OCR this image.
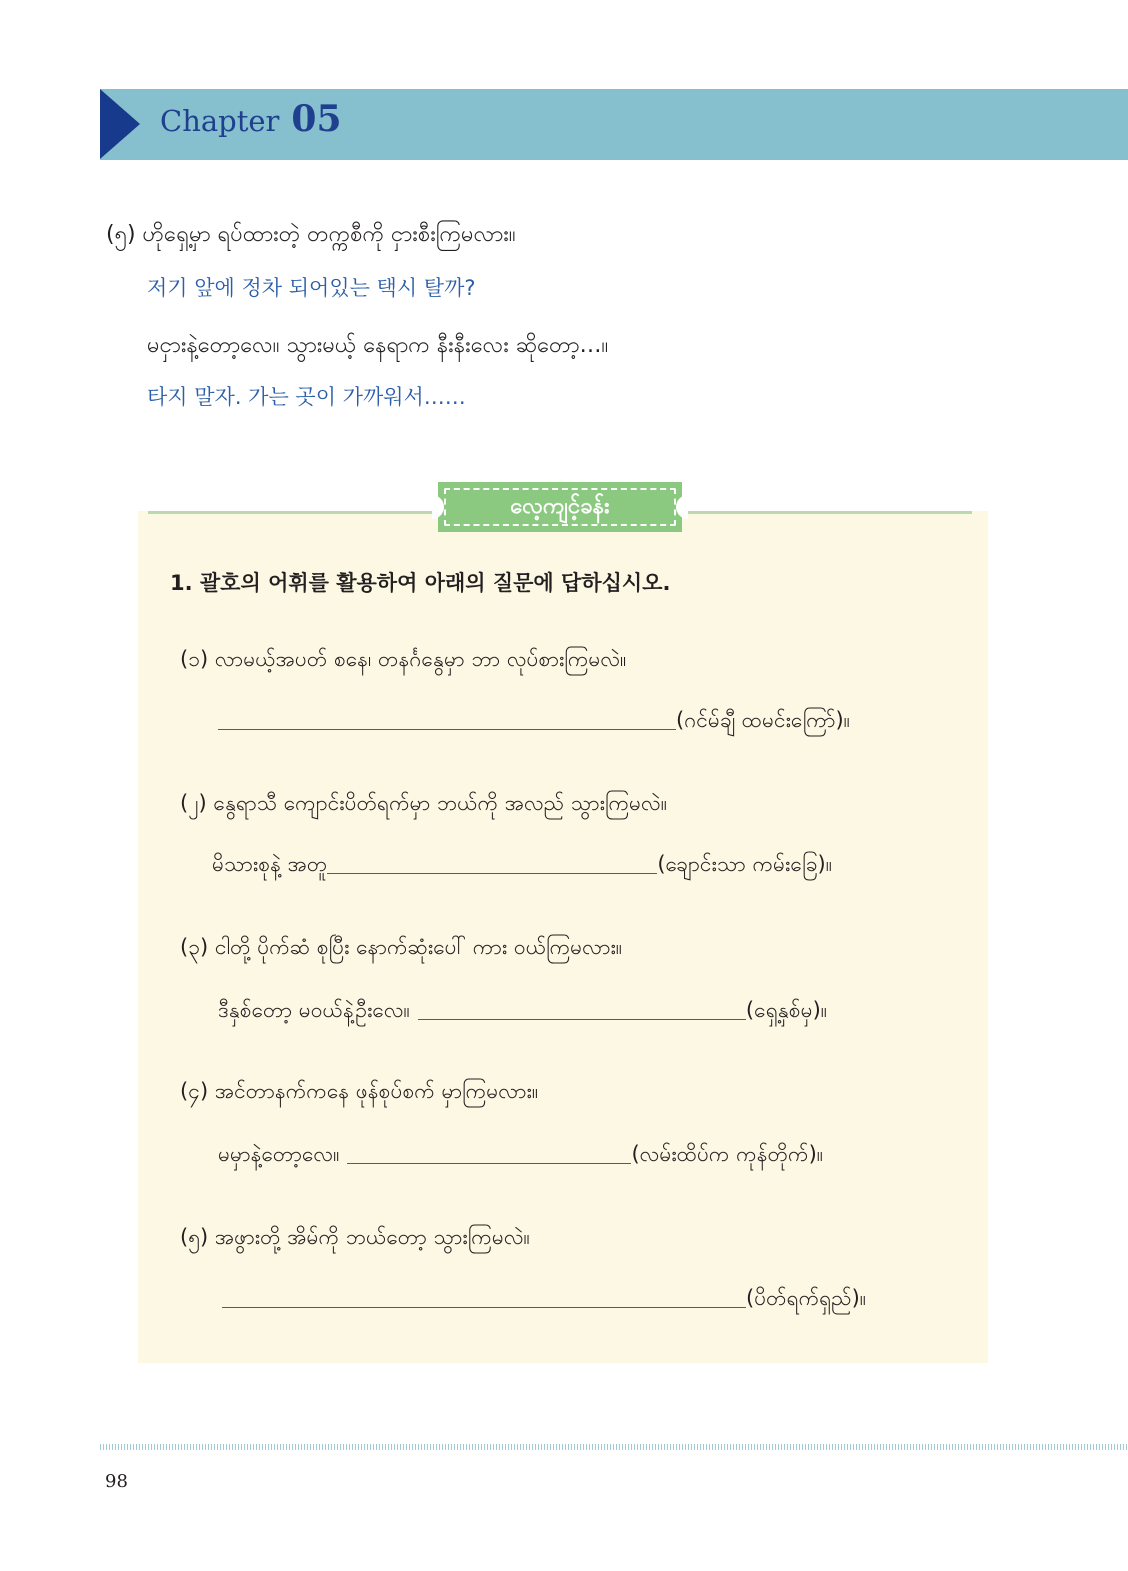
Chapter 05
(၅) ဟိုရှေ့မှာ ရပ်ထားတဲ့ တက္ကစီကို ငှားစီးကြမလား။
저기 앞에 정차 되어있는 택시 탈까?
မငှားနဲ့တော့လေ။ သွားမယ့် နေရာက နီးနီးလေး ဆိုတော့…။
타지 말자. 가는 곳이 가까워서……
လေ့ကျင့်ခန်း
1. 괄호의 어휘를 활용하여 아래의 질문에 답하십시오.
(၁) လာမယ့်အပတ် စနေ၊ တနင်္ဂနွေမှာ ဘာ လုပ်စားကြမလဲ။
(ဂင်မ်ချီ ထမင်းကြော်)။
(၂) နွေရာသီ ကျောင်းပိတ်ရက်မှာ ဘယ်ကို အလည် သွားကြမလဲ။
မိသားစုနဲ့ အတူ	(ချောင်းသာ ကမ်းခြေ)။
(၃) ငါတို့ ပိုက်ဆံ စုပြီး နောက်ဆုံးပေါ် ကား ဝယ်ကြမလား။
ဒီနှစ်တော့ မဝယ်နဲ့ဦးလေ။	(ရှေ့နှစ်မှ)။
(၄) အင်တာနက်ကနေ ဖုန်စုပ်စက် မှာကြမလား။
မမှာနဲ့တော့လေ။	(လမ်းထိပ်က ကုန်တိုက်)။
(၅) အဖွားတို့ အိမ်ကို ဘယ်တော့ သွားကြမလဲ။
(ပိတ်ရက်ရှည်)။
98
